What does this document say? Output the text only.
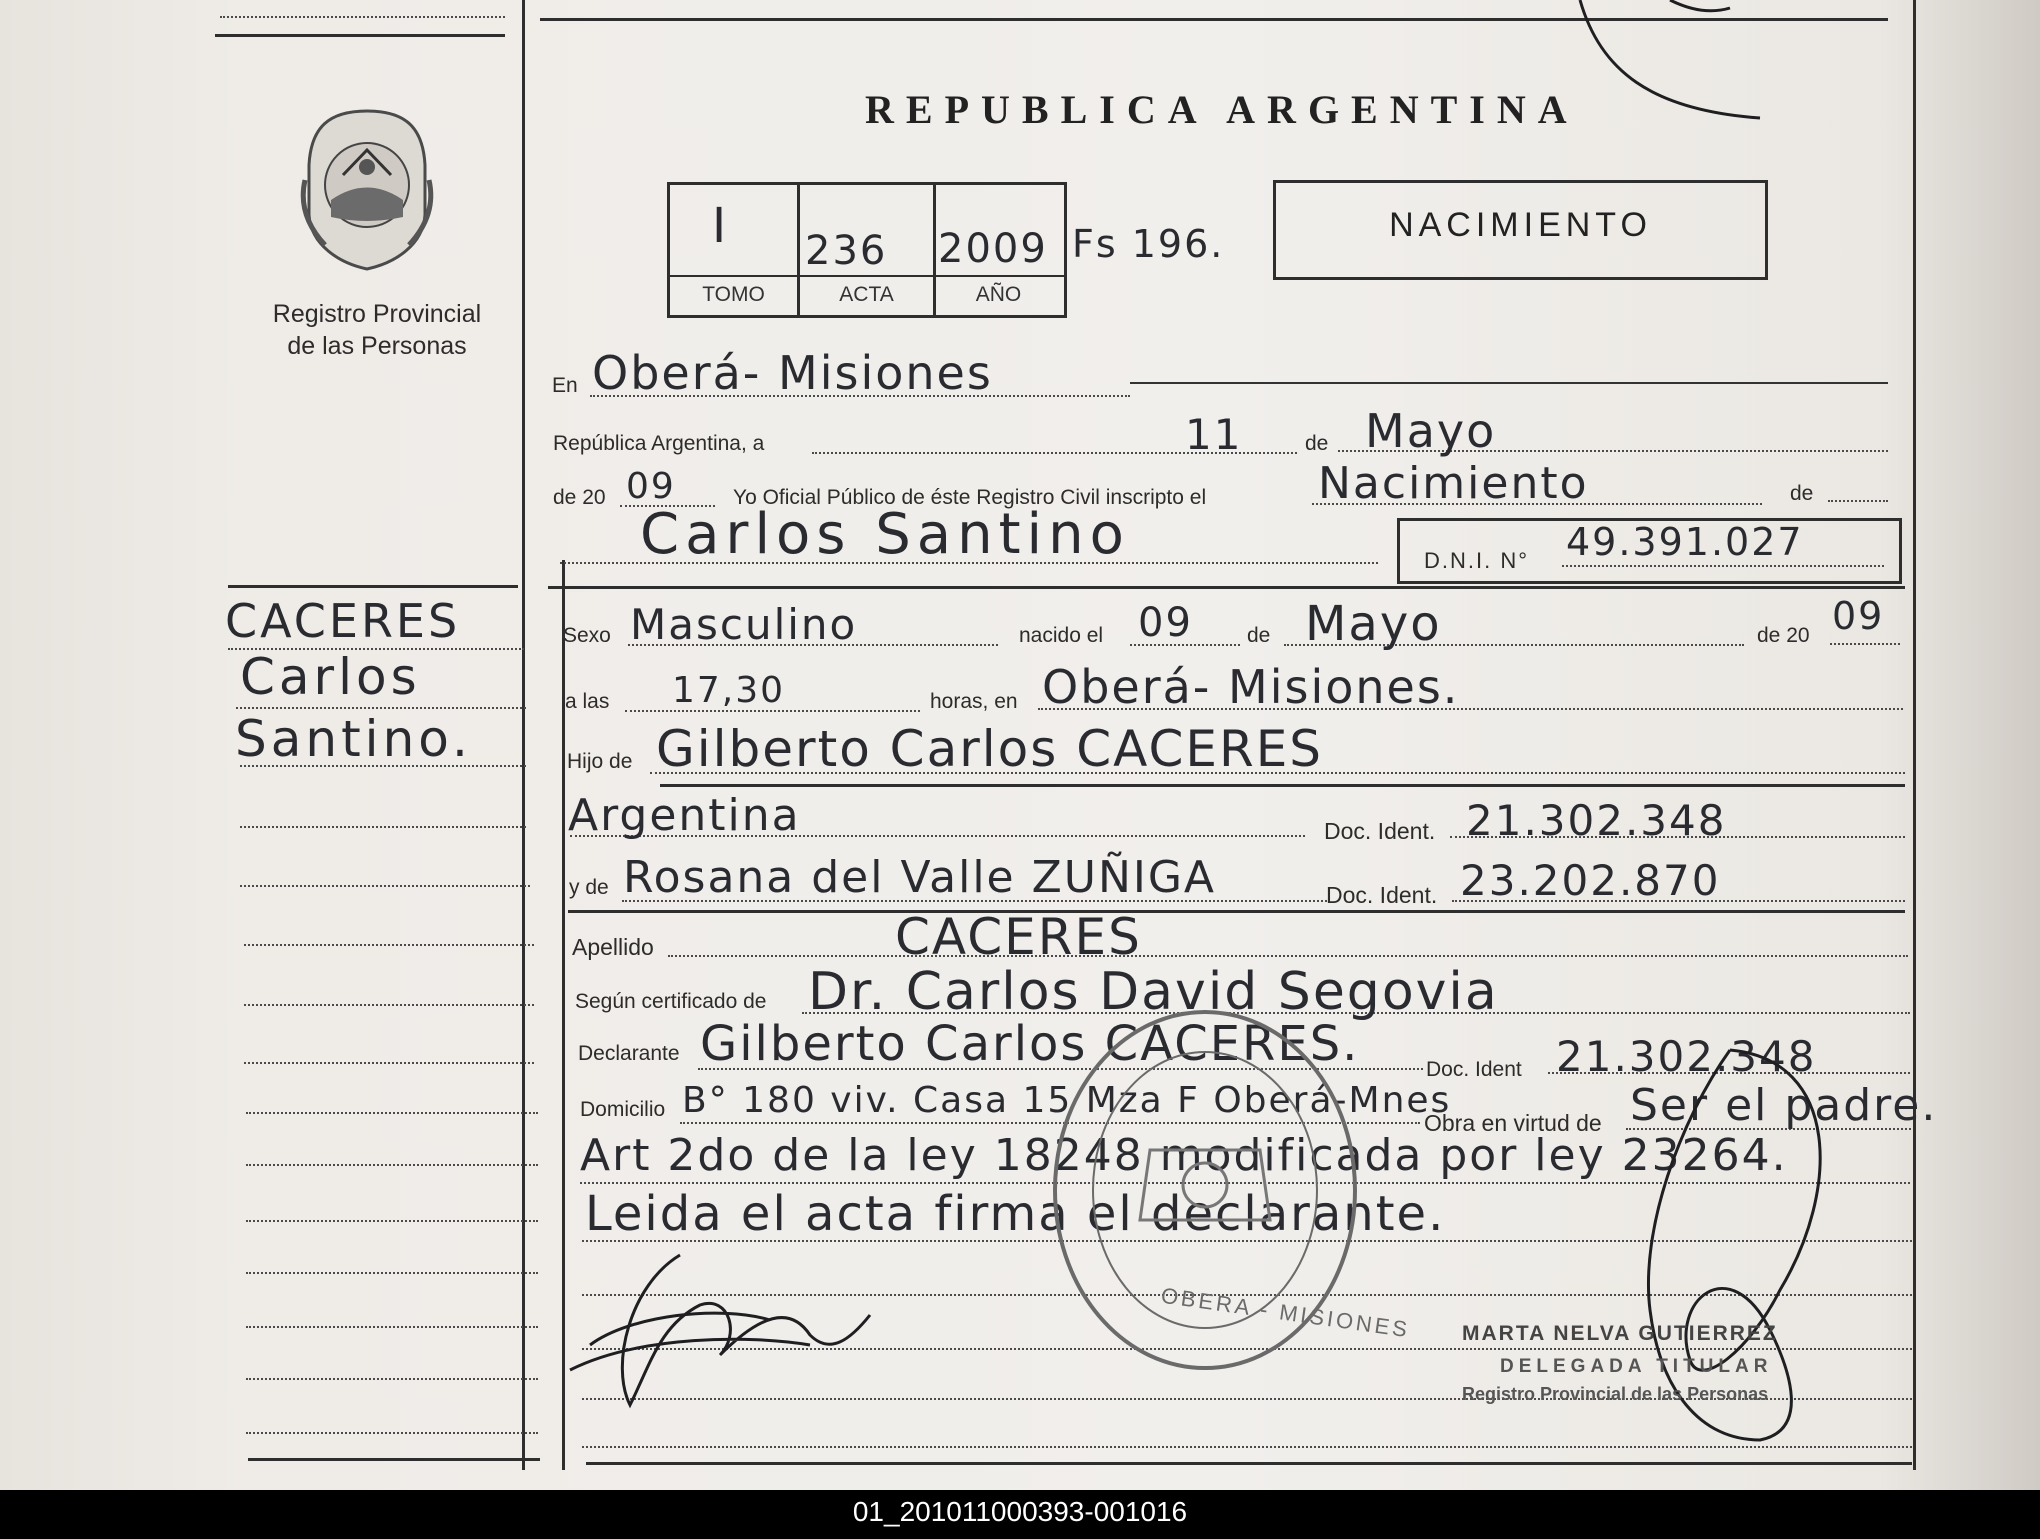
Registro Provincial
de las Personas
REPUBLICA ARGENTINA
TOMO	ACTA	AÑO
I 236 2009 Fs 196.	NACIMIENTO
En Oberá- Misiones
República Argentina, a	11	de Mayo
de 20 09	Yo Oficial Público de éste Registro Civil inscripto el	Nacimiento	de
Carlos Santino	D.N.I. N° 49.391.027
CACERES
Carlos
Santino.
Sexo Masculino	nacido el 09	de Mayo	de 20 09
a las 17,30	horas, en Oberá- Misiones.
Hijo de Gilberto Carlos CACERES
Argentina	Doc. Ident. 21.302.348
y de Rosana del Valle ZUÑIGA	Doc. Ident. 23.202.870
Apellido	CACERES
Según certificado de Dr. Carlos David Segovia
Declarante Gilberto Carlos CACERES.	Doc. Ident 21.302.348
Domicilio B° 180 viv. Casa 15 Mza F Oberá-Mnes
Obra en virtud de Ser el padre.
Art 2do de la ley 18248 modificada por ley 23264.
Leida el acta firma el declarante.
OBERA - MISIONES MARTA NELVA GUTIERREZ
DELEGADA TITULAR
Registro Provincial de las Personas
01_201011000393-001016
